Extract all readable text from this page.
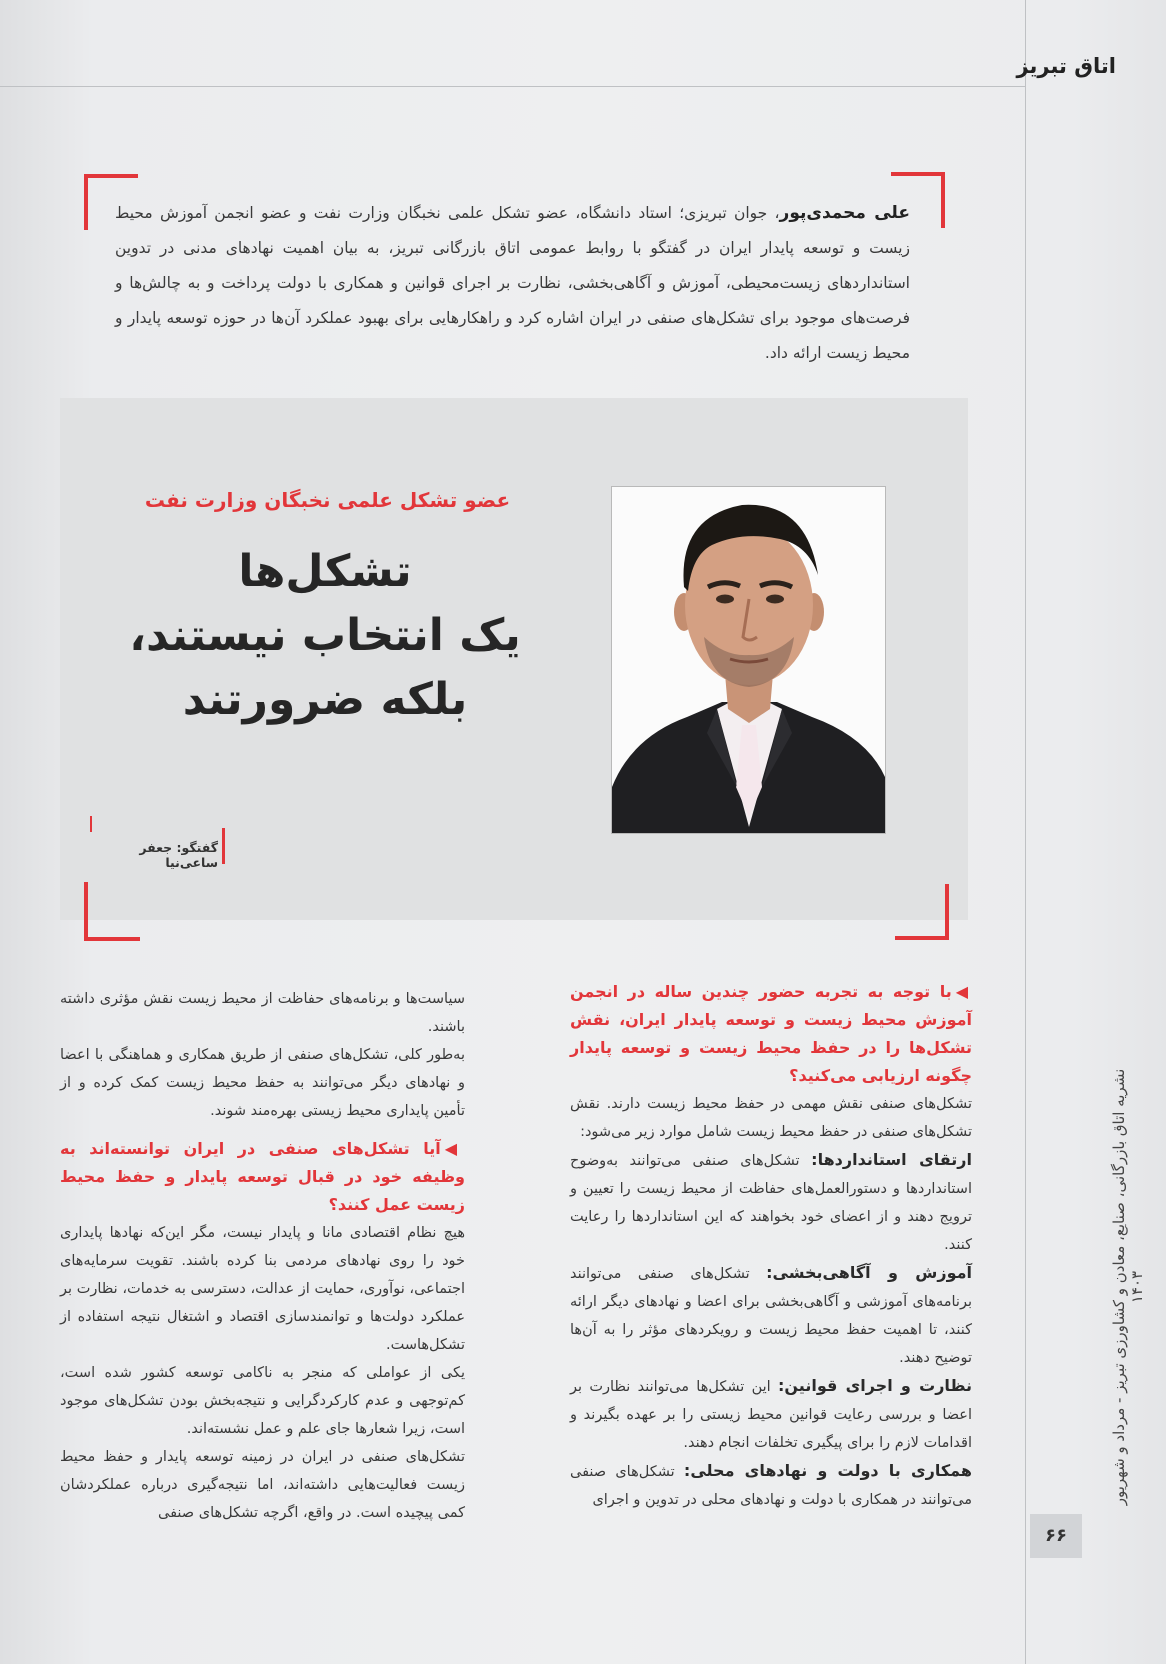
اتاق تبریز
نشریه اتاق بازرگانی، صنایع، معادن و کشاورزی تبریز - مرداد و شهریور ۱۴۰۳
۶۶
علی محمدی‌پور، جوان تبریزی؛ استاد دانشگاه، عضو تشکل علمی نخبگان وزارت نفت و عضو انجمن آموزش محیط زیست و توسعه پایدار ایران در گفتگو با روابط عمومی اتاق بازرگانی تبریز، به بیان اهمیت نهادهای مدنی در تدوین استانداردهای زیست‌محیطی، آموزش و آگاهی‌بخشی، نظارت بر اجرای قوانین و همکاری با دولت پرداخت و به چالش‌ها و فرصت‌های موجود برای تشکل‌های صنفی در ایران اشاره کرد و راهکارهایی برای بهبود عملکرد آن‌ها در حوزه توسعه پایدار و محیط زیست ارائه داد.
عضو تشکل علمی نخبگان وزارت نفت
تشکل‌ها
یک انتخاب نیستند،
بلکه ضرورتند
گفتگو: جعفر ساعی‌نیا

◀با توجه به تجربه حضور چندین ساله در انجمن آموزش محیط زیست و توسعه پایدار ایران، نقش تشکل‌ها را در حفظ محیط زیست و توسعه پایدار چگونه ارزیابی می‌کنید؟

تشکل‌های صنفی نقش مهمی در حفظ محیط زیست دارند. نقش تشکل‌های صنفی در حفظ محیط زیست شامل موارد زیر می‌شود:

ارتقای استانداردها: تشکل‌های صنفی می‌توانند به‌وضوح استانداردها و دستورالعمل‌های حفاظت از محیط زیست را تعیین و ترویج دهند و از اعضای خود بخواهند که این استانداردها را رعایت کنند.

آموزش و آگاهی‌بخشی: تشکل‌های صنفی می‌توانند برنامه‌های آموزشی و آگاهی‌بخشی برای اعضا و نهادهای دیگر ارائه کنند، تا اهمیت حفظ محیط زیست و رویکردهای مؤثر را به آن‌ها توضیح دهند.

نظارت و اجرای قوانین: این تشکل‌ها می‌توانند نظارت بر اعضا و بررسی رعایت قوانین محیط زیستی را بر عهده بگیرند و اقدامات لازم را برای پیگیری تخلفات انجام دهند.

همکاری با دولت و نهادهای محلی: تشکل‌های صنفی می‌توانند در همکاری با دولت و نهادهای محلی در تدوین و اجرای

سیاست‌ها و برنامه‌های حفاظت از محیط زیست نقش مؤثری داشته باشند.

به‌طور کلی، تشکل‌های صنفی از طریق همکاری و هماهنگی با اعضا و نهادهای دیگر می‌توانند به حفظ محیط زیست کمک کرده و از تأمین پایداری محیط زیستی بهره‌مند شوند.

◀آیا تشکل‌های صنفی در ایران توانسته‌اند به وظیفه خود در قبال توسعه پایدار و حفظ محیط زیست عمل کنند؟

هیچ نظام اقتصادی مانا و پایدار نیست، مگر این‌که نهادها پایداری خود را روی نهادهای مردمی بنا کرده باشند. تقویت سرمایه‌های اجتماعی، نوآوری، حمایت از عدالت، دسترسی به خدمات، نظارت بر عملکرد دولت‌ها و توانمندسازی اقتصاد و اشتغال نتیجه استفاده از تشکل‌هاست.

یکی از عواملی که منجر به ناکامی توسعه کشور شده است، کم‌توجهی و عدم کارکردگرایی و نتیجه‌بخش بودن تشکل‌های موجود است، زیرا شعارها جای علم و عمل نشسته‌اند.

تشکل‌های صنفی در ایران در زمینه توسعه پایدار و حفظ محیط زیست فعالیت‌هایی داشته‌اند، اما نتیجه‌گیری درباره عملکردشان کمی پیچیده است. در واقع، اگرچه تشکل‌های صنفی
